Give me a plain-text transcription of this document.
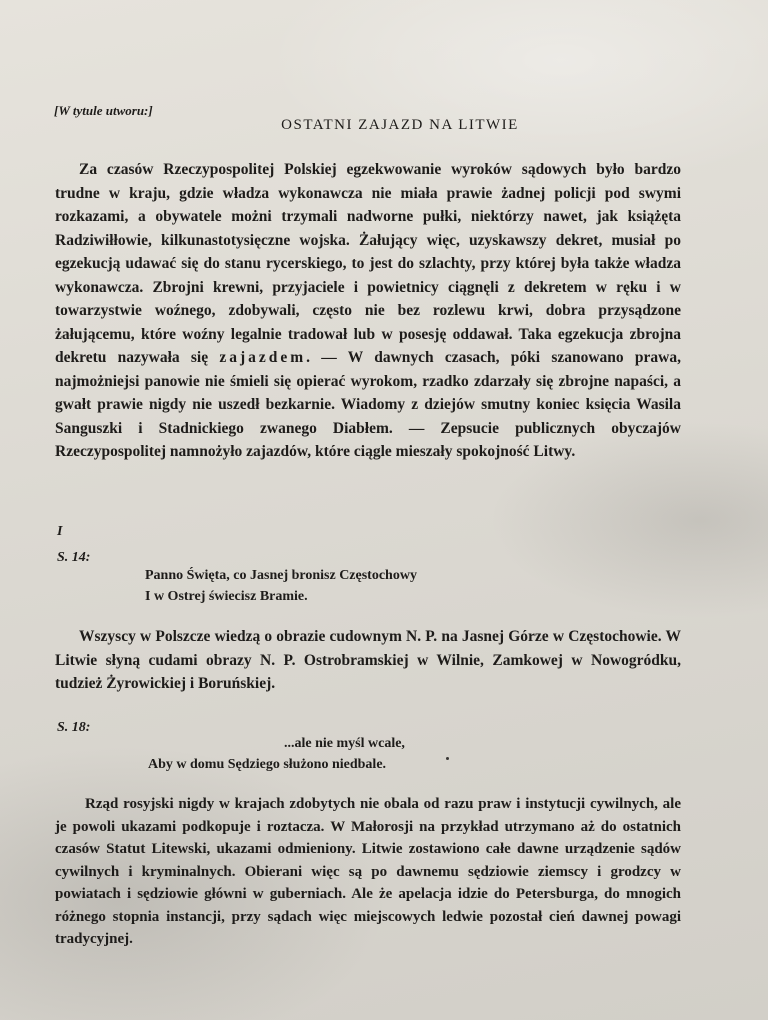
[W tytule utworu:]
OSTATNI ZAJAZD NA LITWIE
Za czasów Rzeczypospolitej Polskiej egzekwowanie wyroków sądowych było bardzo trudne w kraju, gdzie władza wykonawcza nie miała prawie żadnej policji pod swymi rozkazami, a obywatele możni trzymali nadworne pułki, niektórzy nawet, jak książęta Radziwiłłowie, kilkunastotysięczne wojska. Żałujący więc, uzyskawszy dekret, musiał po egzekucją udawać się do stanu rycerskiego, to jest do szlachty, przy której była także władza wykonawcza. Zbrojni krewni, przyjaciele i powietnicy ciągnęli z dekretem w ręku i w towarzystwie woźnego, zdobywali, często nie bez rozlewu krwi, dobra przysądzone żałującemu, które woźny legalnie tradował lub w posesję oddawał. Taka egzekucja zbrojna dekretu nazywała się zajazdem. — W dawnych czasach, póki szanowano prawa, najmożniejsi panowie nie śmieli się opierać wyrokom, rzadko zdarzały się zbrojne napaści, a gwałt prawie nigdy nie uszedł bezkarnie. Wiadomy z dziejów smutny koniec księcia Wasila Sanguszki i Stadnickiego zwanego Diabłem. — Zepsucie publicznych obyczajów Rzeczypospolitej namnożyło zajazdów, które ciągle mieszały spokojność Litwy.
I
S. 14:
Panno Święta, co Jasnej bronisz Częstochowy
I w Ostrej świecisz Bramie.
Wszyscy w Polszcze wiedzą o obrazie cudownym N. P. na Jasnej Górze w Częstochowie. W Litwie słyną cudami obrazy N. P. Ostrobramskiej w Wilnie, Zamkowej w Nowogródku, tudzież Żyrowickiej i Boruńskiej.
S. 18:
...ale nie myśl wcale,
Aby w domu Sędziego służono niedbale.
Rząd rosyjski nigdy w krajach zdobytych nie obala od razu praw i instytucji cywilnych, ale je powoli ukazami podkopuje i roztacza. W Małorosji na przykład utrzymano aż do ostatnich czasów Statut Litewski, ukazami odmieniony. Litwie zostawiono całe dawne urządzenie sądów cywilnych i kryminalnych. Obierani więc są po dawnemu sędziowie ziemscy i grodzcy w powiatach i sędziowie główni w guberniach. Ale że apelacja idzie do Petersburga, do mnogich różnego stopnia instancji, przy sądach więc miejscowych ledwie pozostał cień dawnej powagi tradycyjnej.
